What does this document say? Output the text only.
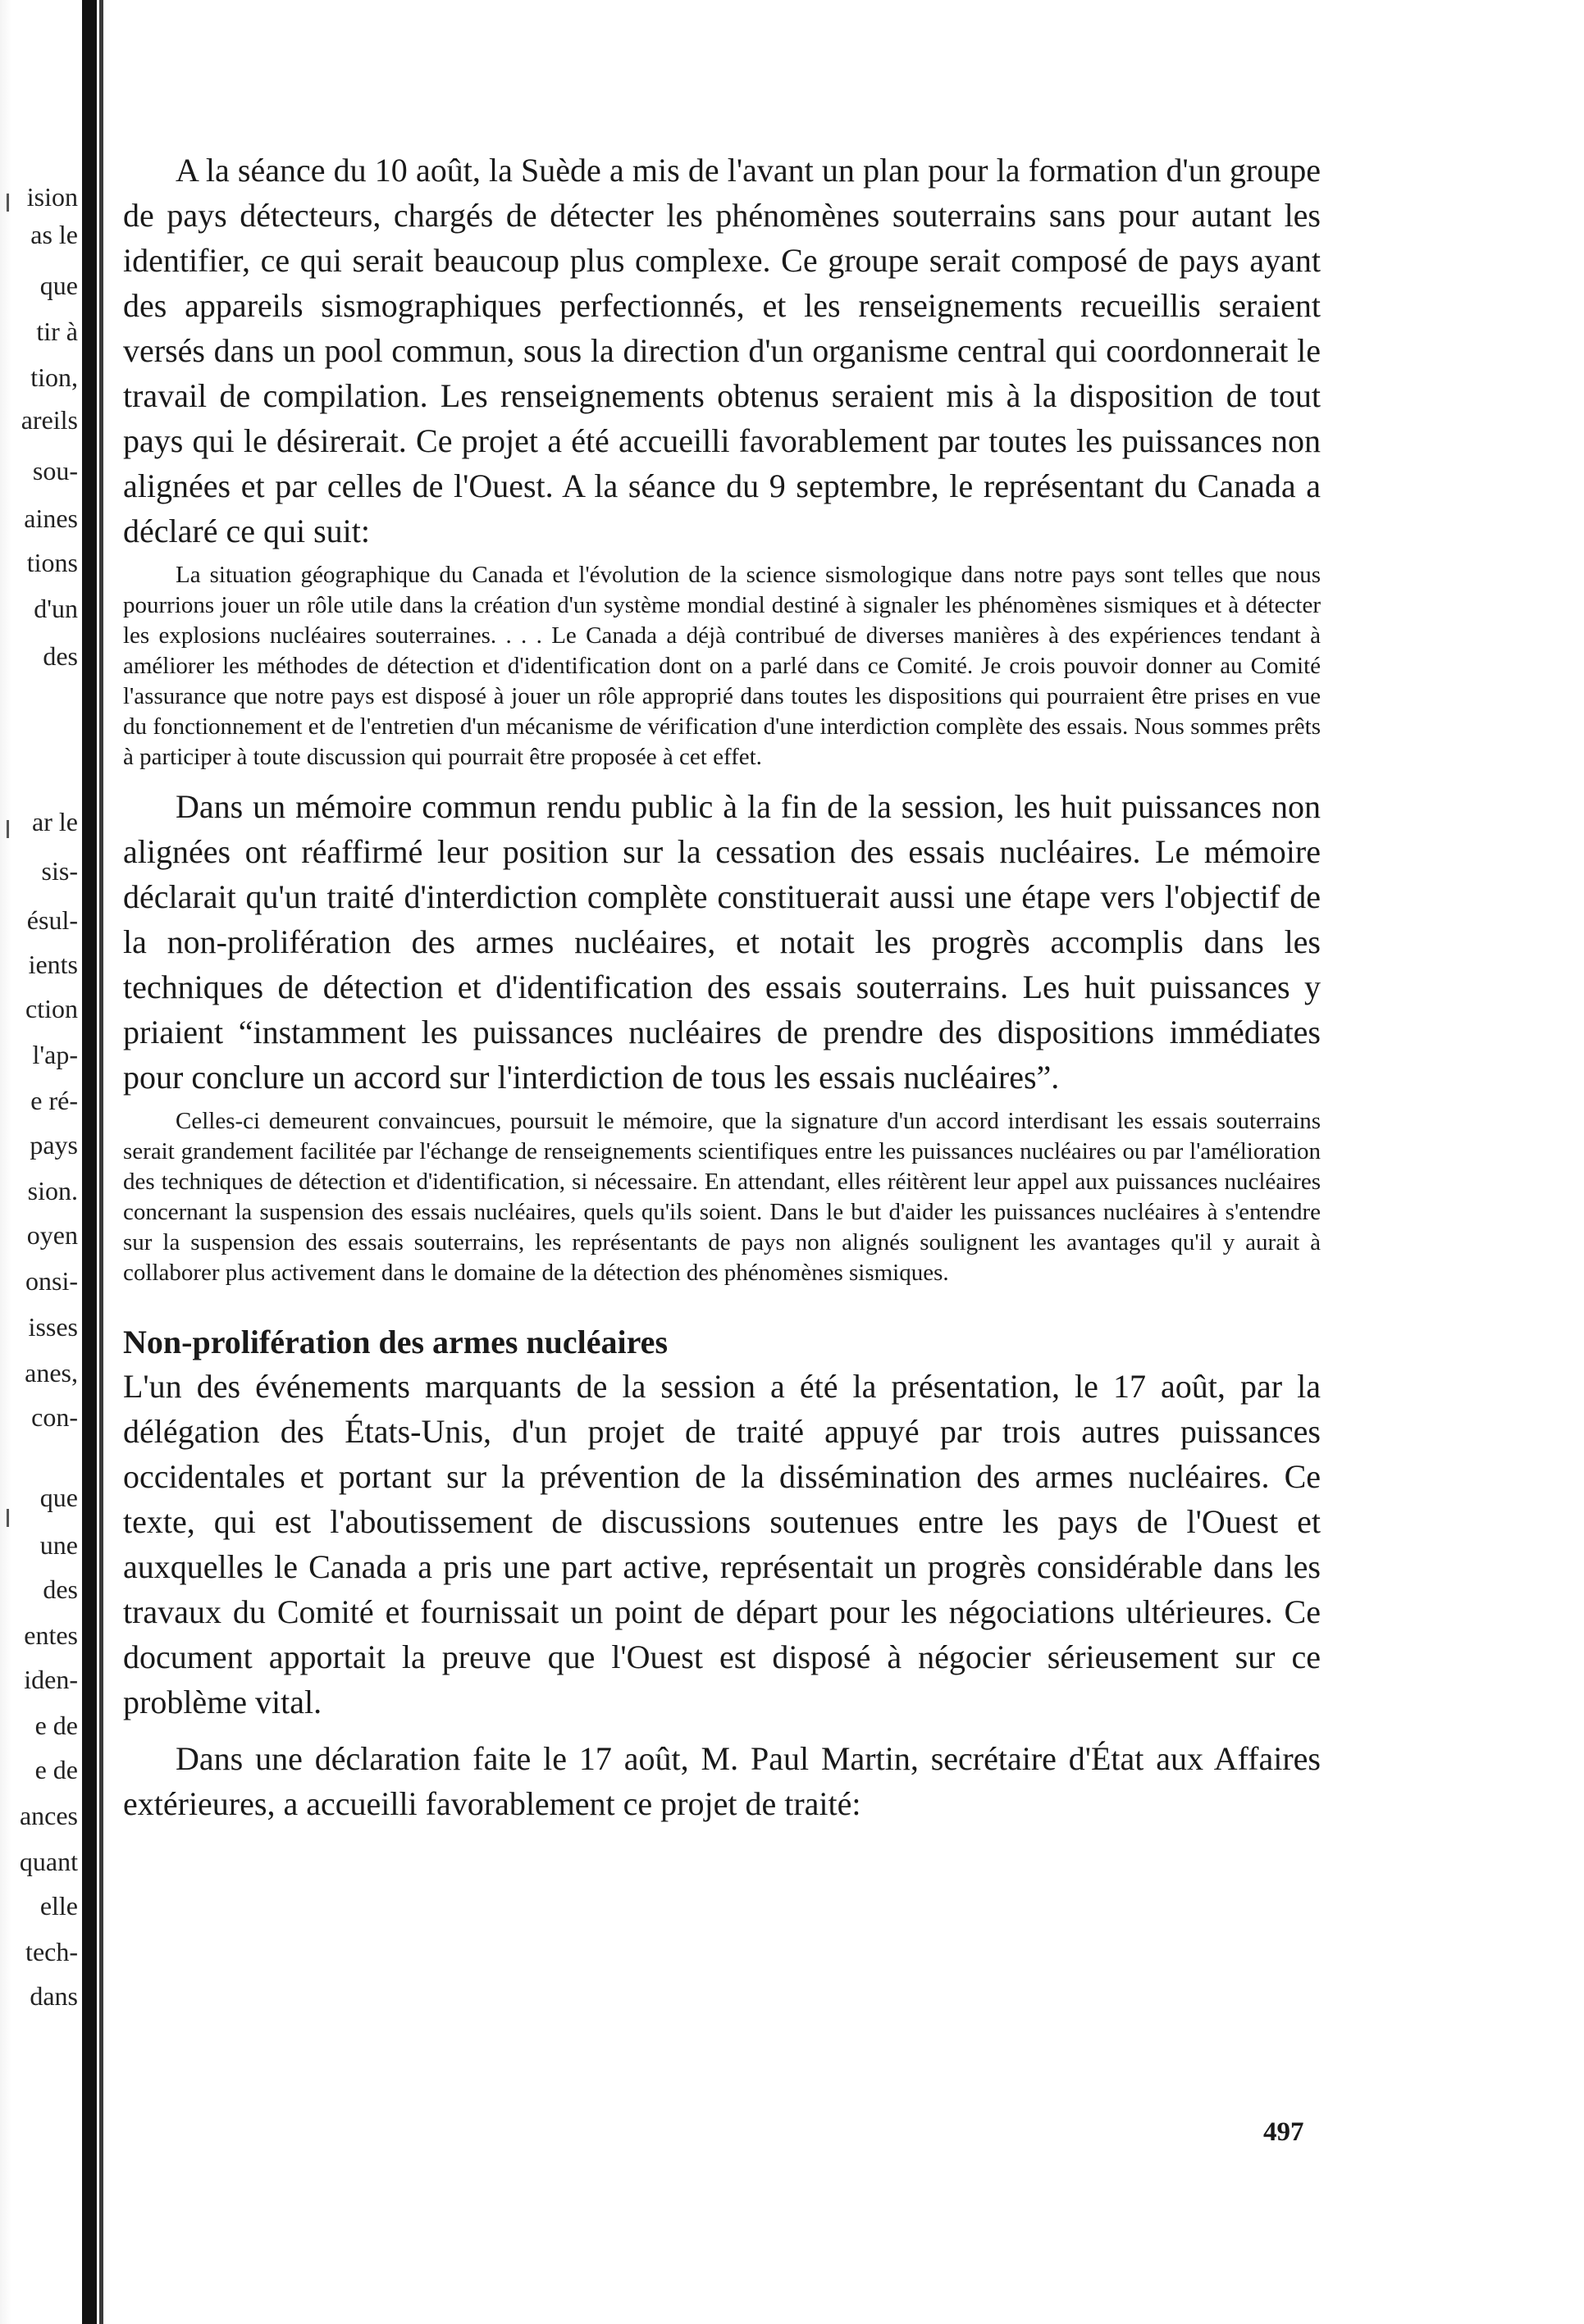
ision
as le
que
tir à
tion,
areils
sou-
aines
tions
d'un
des
ar le
sis-
ésul-
ients
ction
l'ap-
e ré-
pays
sion.
oyen
onsi-
isses
anes,
con-
que
une
des
entes
iden-
e de
e de
ances
quant
elle
tech-
dans

A la séance du 10 août, la Suède a mis de l'avant un plan pour la formation d'un groupe de pays détecteurs, chargés de détecter les phénomènes souterrains sans pour autant les identifier, ce qui serait beaucoup plus complexe. Ce groupe serait composé de pays ayant des appareils sismographiques perfectionnés, et les renseignements recueillis seraient versés dans un pool commun, sous la direction d'un organisme central qui coordonnerait le travail de compilation. Les renseignements obtenus seraient mis à la disposition de tout pays qui le désirerait. Ce projet a été accueilli favorablement par toutes les puissances non alignées et par celles de l'Ouest. A la séance du 9 septembre, le représentant du Canada a déclaré ce qui suit:

La situation géographique du Canada et l'évolution de la science sismologique dans notre pays sont telles que nous pourrions jouer un rôle utile dans la création d'un système mondial destiné à signaler les phénomènes sismiques et à détecter les explosions nucléaires souterraines. . . . Le Canada a déjà contribué de diverses manières à des expériences tendant à améliorer les méthodes de détection et d'identification dont on a parlé dans ce Comité. Je crois pouvoir donner au Comité l'assurance que notre pays est disposé à jouer un rôle approprié dans toutes les dispositions qui pourraient être prises en vue du fonctionnement et de l'entretien d'un mécanisme de vérification d'une interdiction complète des essais. Nous sommes prêts à participer à toute discussion qui pourrait être proposée à cet effet.

Dans un mémoire commun rendu public à la fin de la session, les huit puissances non alignées ont réaffirmé leur position sur la cessation des essais nucléaires. Le mémoire déclarait qu'un traité d'interdiction complète constituerait aussi une étape vers l'objectif de la non-prolifération des armes nucléaires, et notait les progrès accomplis dans les techniques de détection et d'identification des essais souterrains. Les huit puissances y priaient “instamment les puissances nucléaires de prendre des dispositions immédiates pour conclure un accord sur l'interdiction de tous les essais nucléaires”.

Celles-ci demeurent convaincues, poursuit le mémoire, que la signature d'un accord interdisant les essais souterrains serait grandement facilitée par l'échange de renseignements scientifiques entre les puissances nucléaires ou par l'amélioration des techniques de détection et d'identification, si nécessaire. En attendant, elles réitèrent leur appel aux puissances nucléaires concernant la suspension des essais nucléaires, quels qu'ils soient. Dans le but d'aider les puissances nucléaires à s'entendre sur la suspension des essais souterrains, les représentants de pays non alignés soulignent les avantages qu'il y aurait à collaborer plus activement dans le domaine de la détection des phénomènes sismiques.

Non-prolifération des armes nucléaires

L'un des événements marquants de la session a été la présentation, le 17 août, par la délégation des États-Unis, d'un projet de traité appuyé par trois autres puissances occidentales et portant sur la prévention de la dissémination des armes nucléaires. Ce texte, qui est l'aboutissement de discussions soutenues entre les pays de l'Ouest et auxquelles le Canada a pris une part active, représentait un progrès considérable dans les travaux du Comité et fournissait un point de départ pour les négociations ultérieures. Ce document apportait la preuve que l'Ouest est disposé à négocier sérieusement sur ce problème vital.

Dans une déclaration faite le 17 août, M. Paul Martin, secrétaire d'État aux Affaires extérieures, a accueilli favorablement ce projet de traité:

497
